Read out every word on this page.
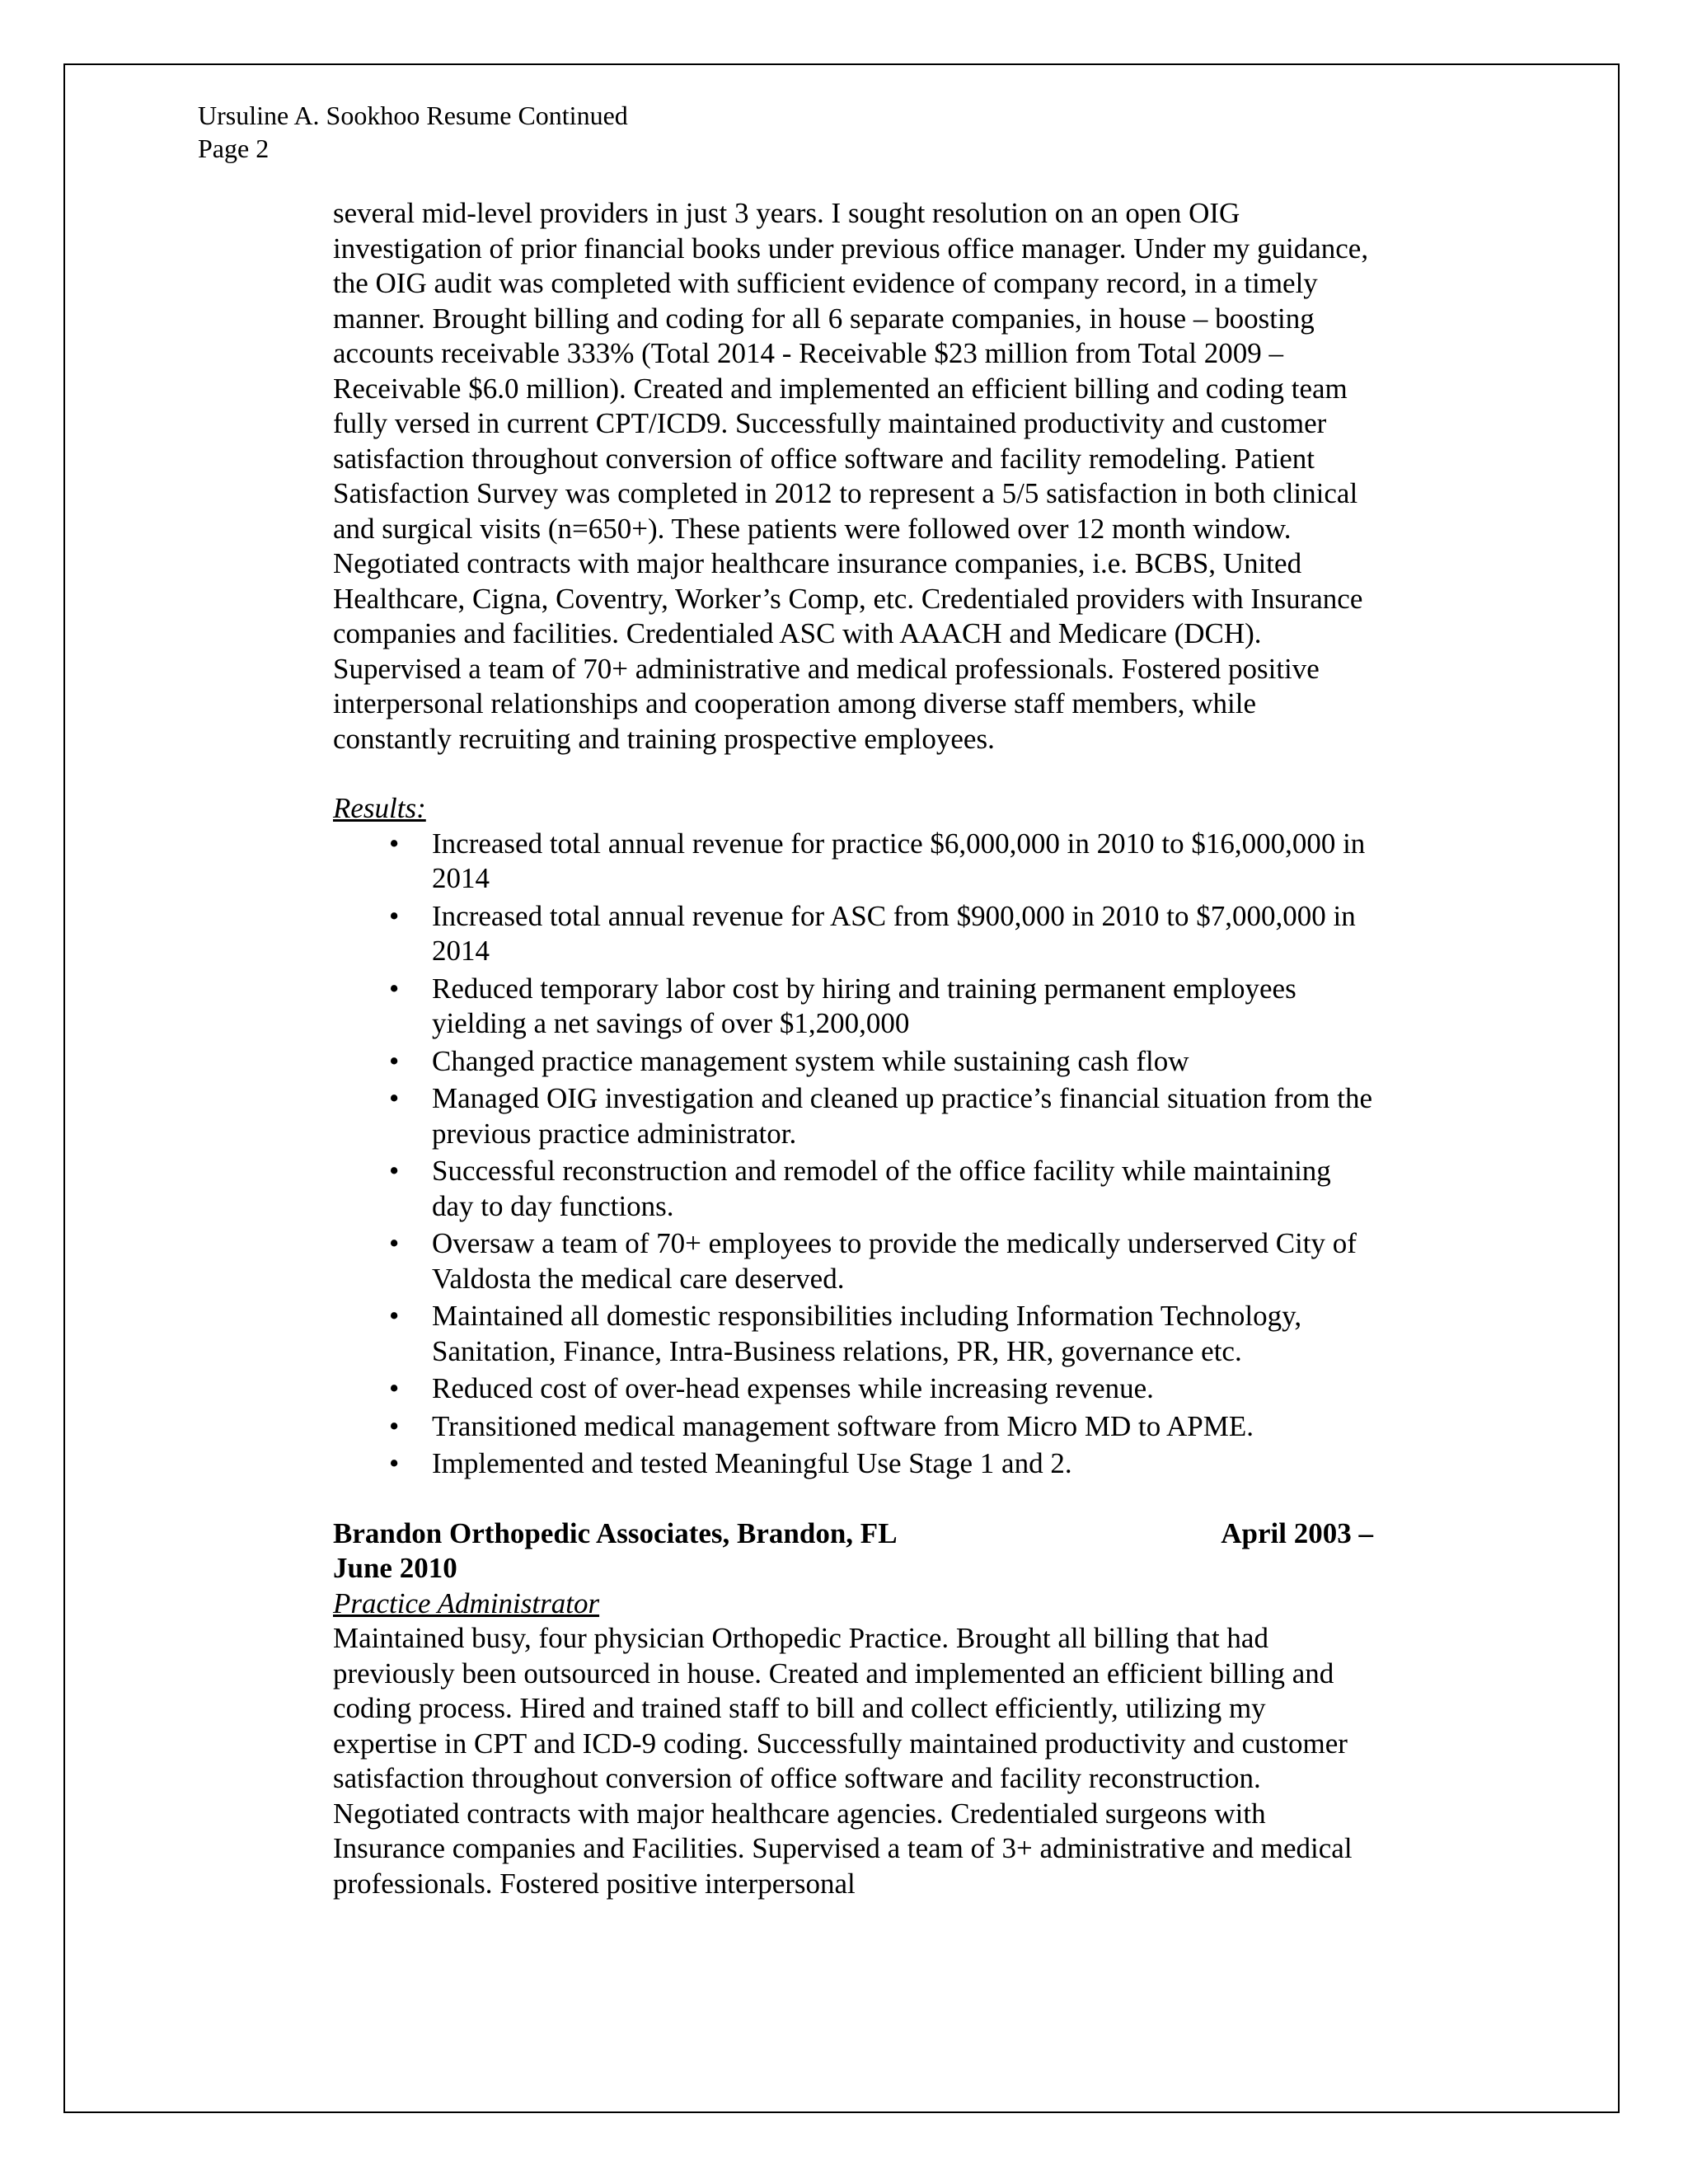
Ursuline A. Sookhoo Resume Continued
Page 2

several mid-level providers in just 3 years. I sought resolution on an open OIG investigation of prior financial books under previous office manager. Under my guidance, the OIG audit was completed with sufficient evidence of company record, in a timely manner. Brought billing and coding for all 6 separate companies, in house – boosting accounts receivable 333% (Total 2014 - Receivable $23 million from Total 2009 – Receivable $6.0 million). Created and implemented an efficient billing and coding team fully versed in current CPT/ICD9. Successfully maintained productivity and customer satisfaction throughout conversion of office software and facility remodeling. Patient Satisfaction Survey was completed in 2012 to represent a 5/5 satisfaction in both clinical and surgical visits (n=650+). These patients were followed over 12 month window. Negotiated contracts with major healthcare insurance companies, i.e. BCBS, United Healthcare, Cigna, Coventry, Worker’s Comp, etc. Credentialed providers with Insurance companies and facilities. Credentialed ASC with AAACH and Medicare (DCH). Supervised a team of 70+ administrative and medical professionals. Fostered positive interpersonal relationships and cooperation among diverse staff members, while constantly recruiting and training prospective employees.

Results:

• Increased total annual revenue for practice $6,000,000 in 2010 to $16,000,000 in 2014
• Increased total annual revenue for ASC from $900,000 in 2010 to $7,000,000 in 2014
• Reduced temporary labor cost by hiring and training permanent employees yielding a net savings of over $1,200,000
• Changed practice management system while sustaining cash flow
• Managed OIG investigation and cleaned up practice’s financial situation from the previous practice administrator.
• Successful reconstruction and remodel of the office facility while maintaining day to day functions.
• Oversaw a team of 70+ employees to provide the medically underserved City of Valdosta the medical care deserved.
• Maintained all domestic responsibilities including Information Technology, Sanitation, Finance, Intra-Business relations, PR, HR, governance etc.
• Reduced cost of over-head expenses while increasing revenue.
• Transitioned medical management software from Micro MD to APME.
• Implemented and tested Meaningful Use Stage 1 and 2.
Brandon Orthopedic Associates, Brandon, FL	April 2003 –
June 2010

Practice Administrator

Maintained busy, four physician Orthopedic Practice. Brought all billing that had previously been outsourced in house. Created and implemented an efficient billing and coding process. Hired and trained staff to bill and collect efficiently, utilizing my expertise in CPT and ICD-9 coding. Successfully maintained productivity and customer satisfaction throughout conversion of office software and facility reconstruction. Negotiated contracts with major healthcare agencies. Credentialed surgeons with Insurance companies and Facilities. Supervised a team of 3+ administrative and medical professionals. Fostered positive interpersonal
